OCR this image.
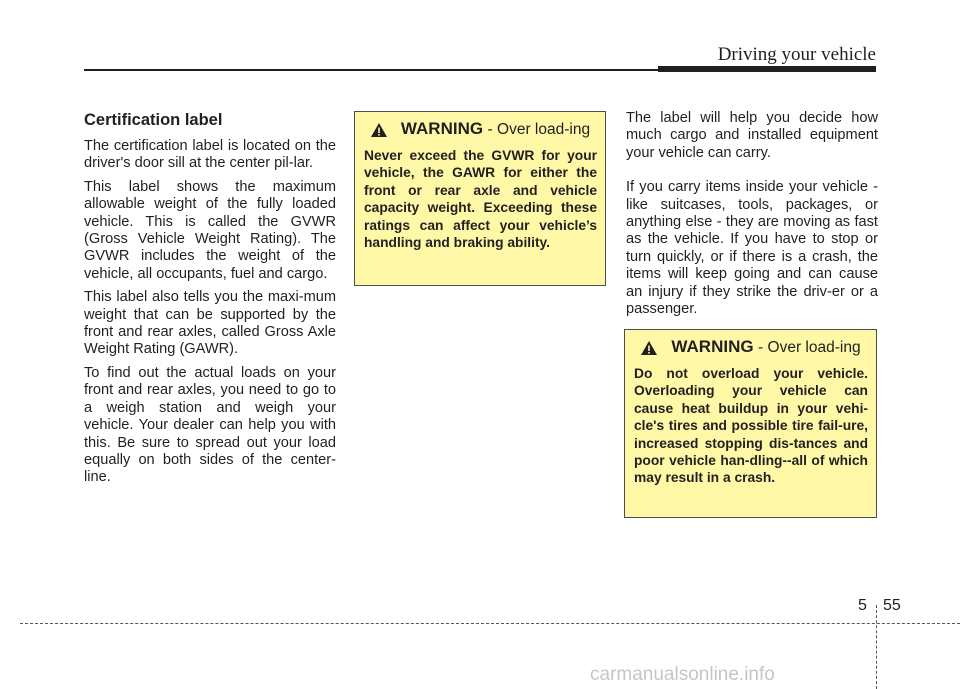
Driving your vehicle
Certification label

The certification label is located on the driver's door sill at the center pil-lar.

This label shows the maximum allowable weight of the fully loaded vehicle. This is called the GVWR (Gross Vehicle Weight Rating). The GVWR includes the weight of the vehicle, all occupants, fuel and cargo.

This label also tells you the maxi-mum weight that can be supported by the front and rear axles, called Gross Axle Weight Rating (GAWR).

To find out the actual loads on your front and rear axles, you need to go to a weigh station and weigh your vehicle. Your dealer can help you with this. Be sure to spread out your load equally on both sides of the center-line.

WARNING - Over load-ing

Never exceed the GVWR for your vehicle, the GAWR for either the front or rear axle and vehicle capacity weight. Exceeding these ratings can affect your vehicle’s handling and braking ability.

The label will help you decide how much cargo and installed equipment your vehicle can carry.

If you carry items inside your vehicle - like suitcases, tools, packages, or anything else - they are moving as fast as the vehicle. If you have to stop or turn quickly, or if there is a crash, the items will keep going and can cause an injury if they strike the driv-er or a passenger.

WARNING - Over load-ing

Do not overload your vehicle. Overloading your vehicle can cause heat buildup in your vehi-cle's tires and possible tire fail-ure, increased stopping dis-tances and poor vehicle han-dling--all of which may result in a crash.

5 55
carmanualsonline.info
